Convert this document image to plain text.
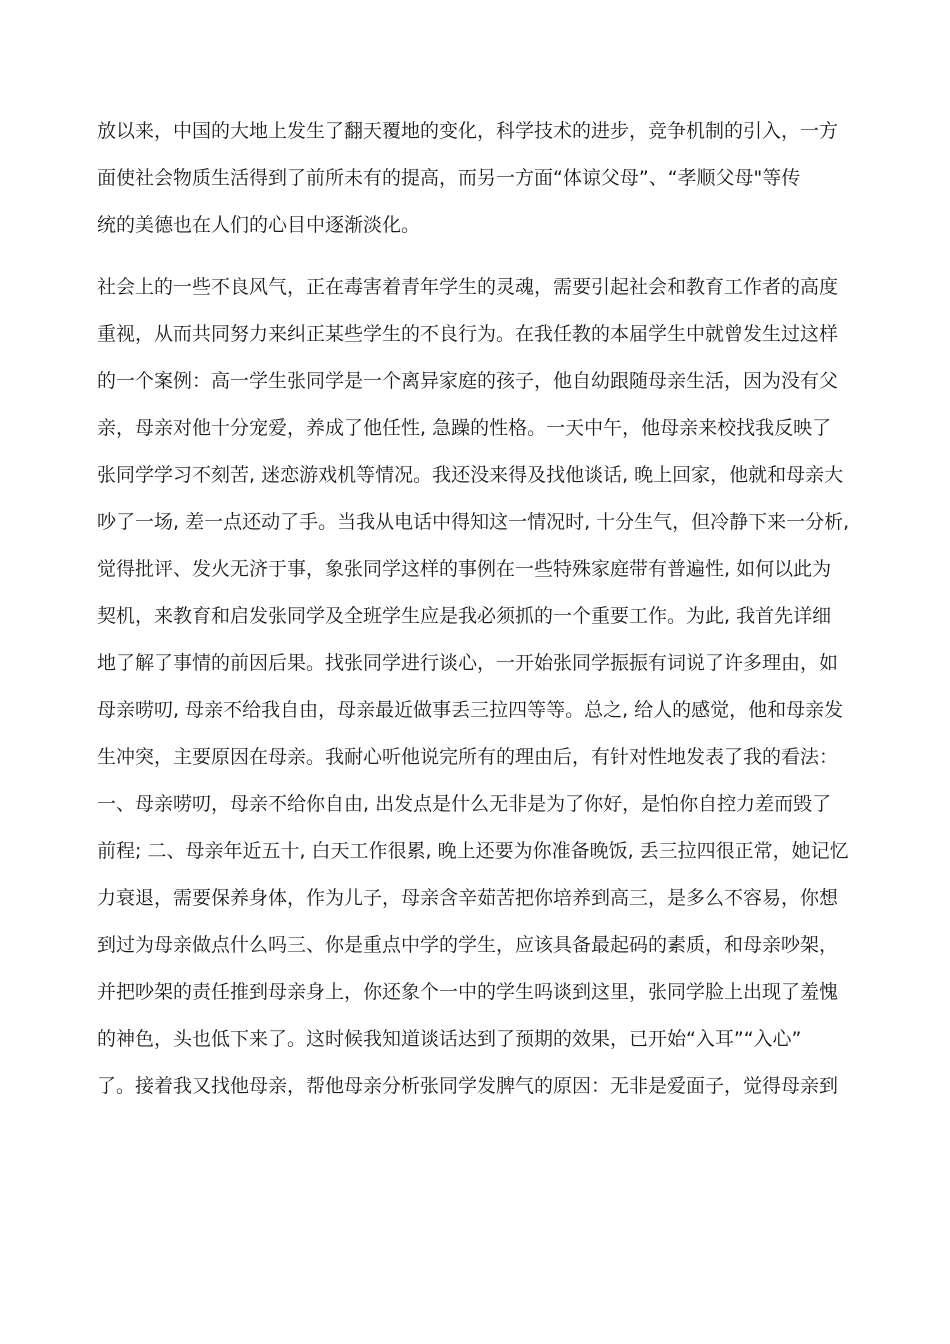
放以来，中国的大地上发生了翻天覆地的变化，科学技术的进步，竞争机制的引入，一方
面使社会物质生活得到了前所未有的提高，而另一方面“体谅父母”、“孝顺父母"等传
统的美德也在人们的心目中逐渐淡化。
社会上的一些不良风气，正在毒害着青年学生的灵魂，需要引起社会和教育工作者的高度
重视，从而共同努力来纠正某些学生的不良行为。在我任教的本届学生中就曾发生过这样
的一个案例：高一学生张同学是一个离异家庭的孩子，他自幼跟随母亲生活，因为没有父
亲，母亲对他十分宠爱，养成了他任性, 急躁的性格。一天中午，他母亲来校找我反映了
张同学学习不刻苦, 迷恋游戏机等情况。我还没来得及找他谈话, 晚上回家，他就和母亲大
吵了一场, 差一点还动了手。当我从电话中得知这一情况时, 十分生气，但冷静下来一分析,
觉得批评、发火无济于事，象张同学这样的事例在一些特殊家庭带有普遍性, 如何以此为
契机，来教育和启发张同学及全班学生应是我必须抓的一个重要工作。为此, 我首先详细
地了解了事情的前因后果。找张同学进行谈心，一开始张同学振振有词说了许多理由，如
母亲唠叨, 母亲不给我自由，母亲最近做事丢三拉四等等。总之, 给人的感觉，他和母亲发
生冲突，主要原因在母亲。我耐心听他说完所有的理由后，有针对性地发表了我的看法：
一、母亲唠叨，母亲不给你自由, 出发点是什么无非是为了你好，是怕你自控力差而毁了
前程; 二、母亲年近五十, 白天工作很累, 晚上还要为你准备晚饭, 丢三拉四很正常，她记忆
力衰退，需要保养身体，作为儿子，母亲含辛茹苦把你培养到高三，是多么不容易，你想
到过为母亲做点什么吗三、你是重点中学的学生，应该具备最起码的素质，和母亲吵架，
并把吵架的责任推到母亲身上，你还象个一中的学生吗谈到这里，张同学脸上出现了羞愧
的神色，头也低下来了。这时候我知道谈话达到了预期的效果，已开始“入耳”“入心”
了。接着我又找他母亲，帮他母亲分析张同学发脾气的原因：无非是爱面子，觉得母亲到
